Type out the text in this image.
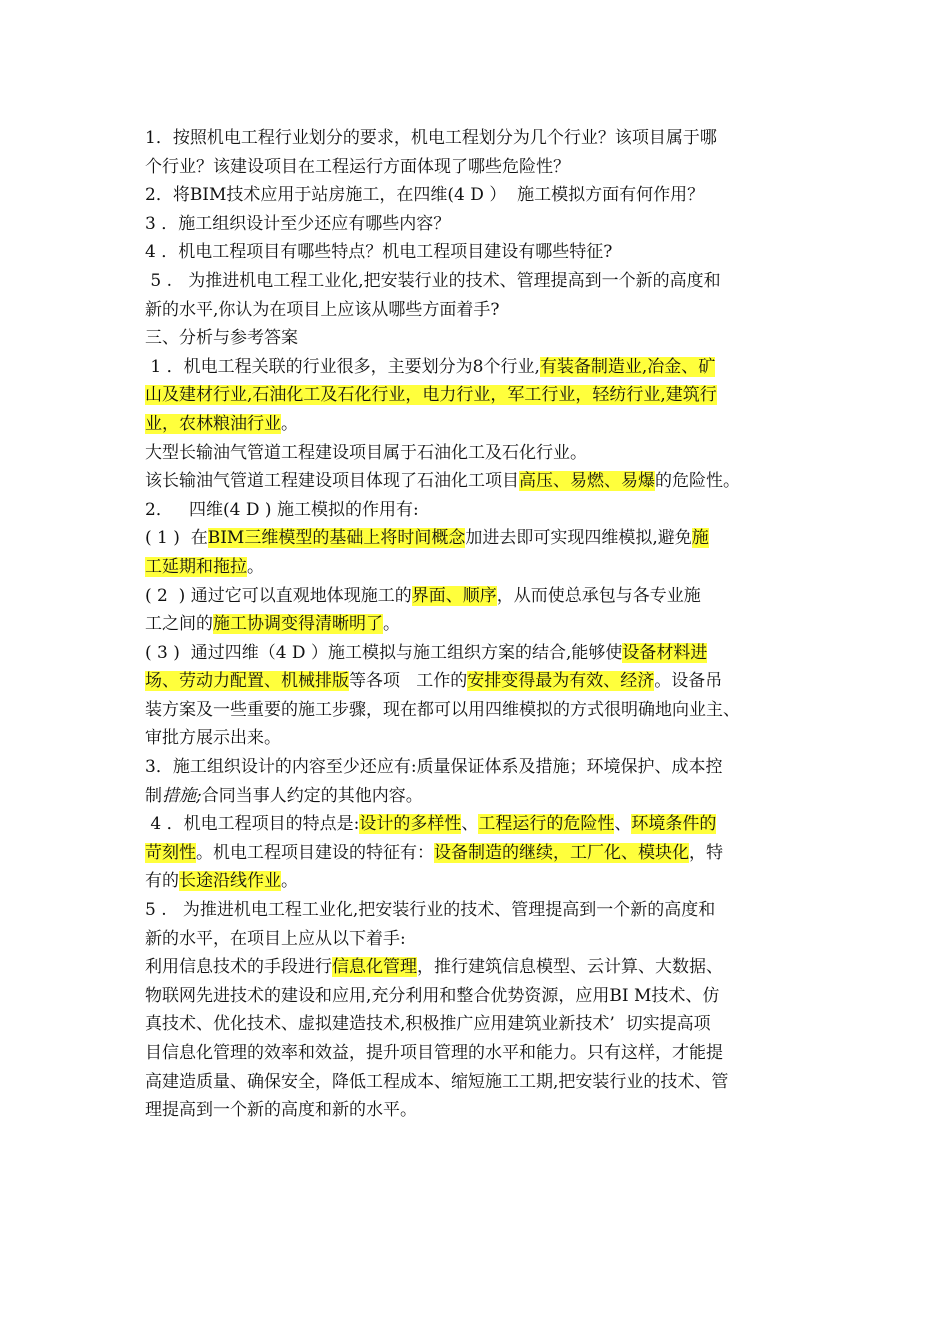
1．按照机电工程行业划分的要求，机电工程划分为几个行业？该项目属于哪
个行业？该建设项目在工程运行方面体现了哪些危险性？
2．将BIM技术应用于站房施工，在四维(4 D ）  施工模拟方面有何作用？
3 ．施工组织设计至少还应有哪些内容？
4 ．机电工程项目有哪些特点？机电工程项目建设有哪些特征?
5 .   为推进机电工程工业化,把安装行业的技术、管理提高到一个新的高度和
新的水平,你认为在项目上应该从哪些方面着手?
三、分析与参考答案
1 ．机电工程关联的行业很多，主要划分为8个行业,有装备制造业,冶金、矿
山及建材行业,石油化工及石化行业，电力行业，军工行业，轻纺行业,建筑行
业，农林粮油行业。
大型长输油气管道工程建设项目属于石油化工及石化行业。
该长输油气管道工程建设项目体现了石油化工项目高压、易燃、易爆的危险性。
2．   四维(4 D ) 施工模拟的作用有:
( 1 )  在BIM三维模型的基础上将时间概念加进去即可实现四维模拟,避免施
工延期和拖拉。
( 2  ) 通过它可以直观地体现施工的界面、顺序，从而使总承包与各专业施
工之间的施工协调变得清晰明了。
( 3 )  通过四维（4 D ）施工模拟与施工组织方案的结合,能够使设备材料进
场、劳动力配置、机械排版等各项   工作的安排变得最为有效、经济。设备吊
装方案及一些重要的施工步骤，现在都可以用四维模拟的方式很明确地向业主、
审批方展示出来。
3．施工组织设计的内容至少还应有:质量保证体系及措施；环境保护、成本控
制措施;合同当事人约定的其他内容。
4 ．机电工程项目的特点是:设计的多样性、工程运行的危险性、环境条件的
苛刻性。机电工程项目建设的特征有：设备制造的继续，工厂化、模块化，特
有的长途沿线作业。
5 .   为推进机电工程工业化,把安装行业的技术、管理提高到一个新的高度和
新的水平，在项目上应从以下着手:
利用信息技术的手段进行信息化管理，推行建筑信息模型、云计算、大数据、
物联网先进技术的建设和应用,充分利用和整合优势资源，应用BI M技术、仿
真技术、优化技术、虚拟建造技术,积极推广应用建筑业新技术’  切实提高项
目信息化管理的效率和效益，提升项目管理的水平和能力。只有这样，才能提
高建造质量、确保安全，降低工程成本、缩短施工工期,把安装行业的技术、管
理提高到一个新的高度和新的水平。
